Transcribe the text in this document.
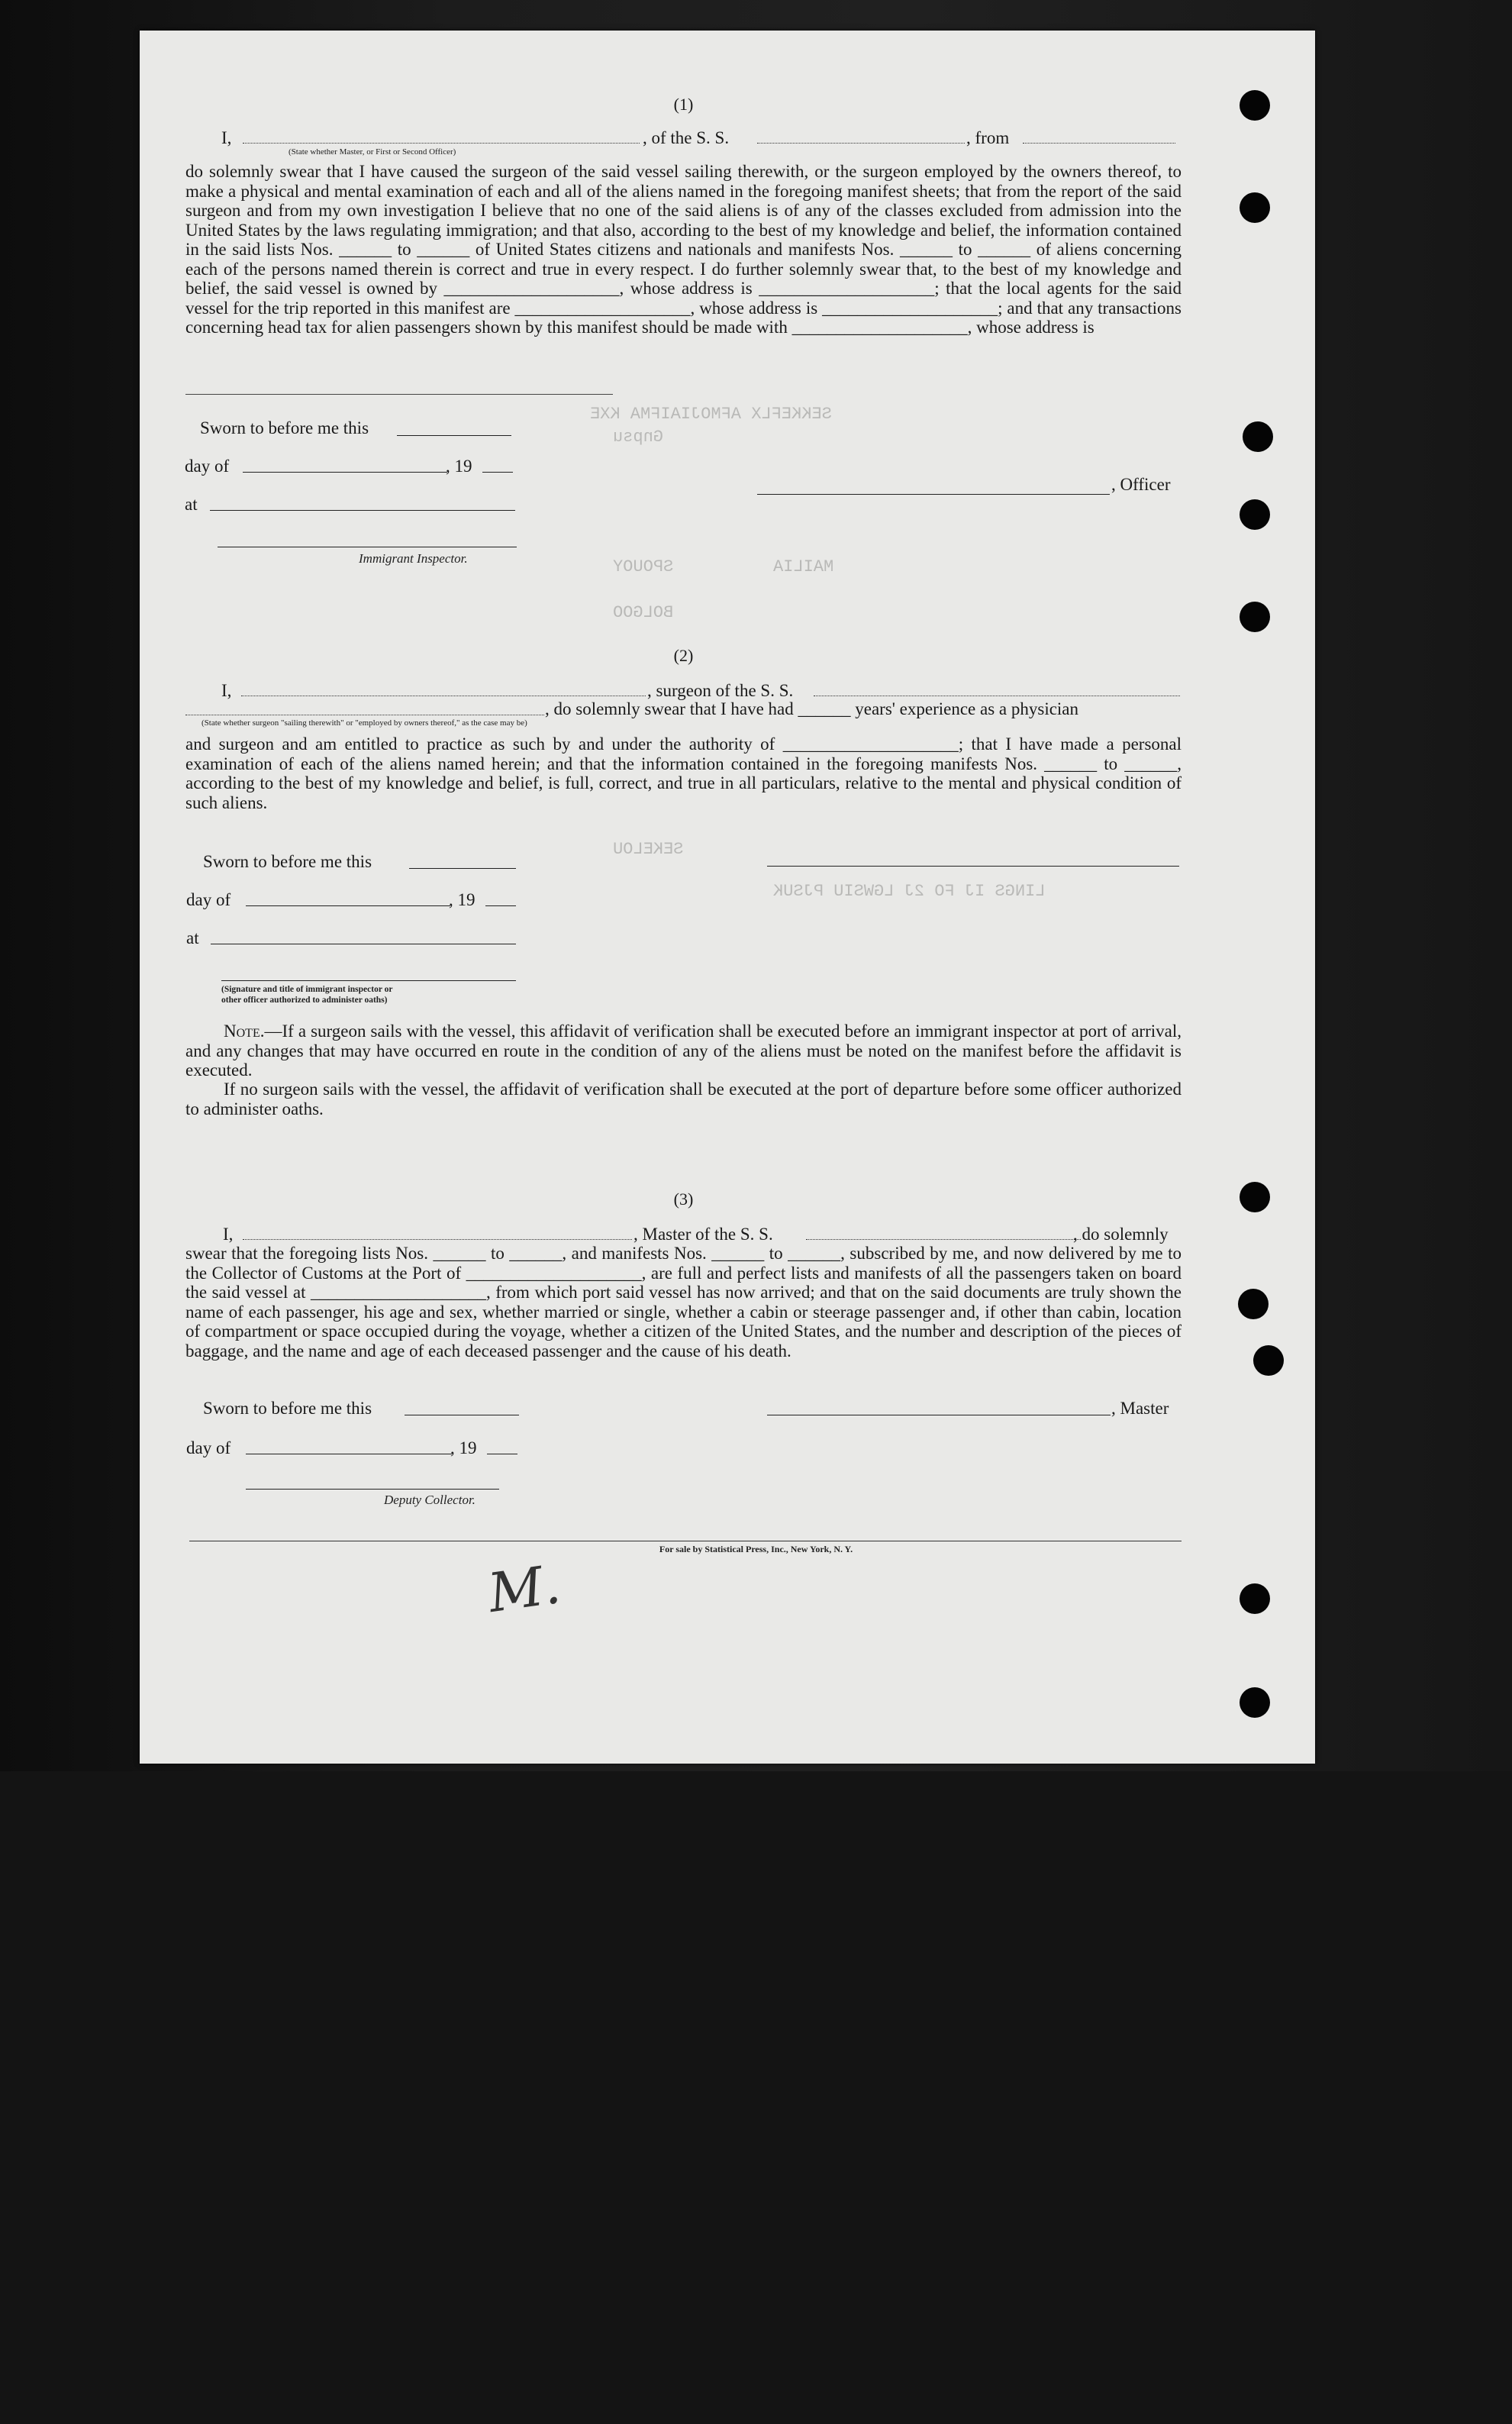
SEKKEFLX AFMOJIAIFMA KXE
Gnpsu
SPOUOY	MAILIA
BOLGOO
SEKELOU
LINGS IJ FO 2J LGWSIU PJSUK
(1)
I,	, of the S. S.	, from
(State whether Master, or First or Second Officer)
do solemnly swear that I have caused the surgeon of the said vessel sailing therewith, or the surgeon employed by the owners thereof, to make a physical and mental examination of each and all of the aliens named in the foregoing manifest sheets; that from the report of the said surgeon and from my own investigation I believe that no one of the said aliens is of any of the classes excluded from admission into the United States by the laws regulating immigration; and that also, according to the best of my knowledge and belief, the information contained in the said lists Nos. ______ to ______ of United States citizens and nationals and manifests Nos. ______ to ______ of aliens concerning each of the persons named therein is correct and true in every respect. I do further solemnly swear that, to the best of my knowledge and belief, the said vessel is owned by ____________________, whose address is ____________________; that the local agents for the said vessel for the trip reported in this manifest are ____________________, whose address is ____________________; and that any transactions concerning head tax for alien passengers shown by this manifest should be made with ____________________, whose address is
Sworn to before me this
day of	, 19
at
, Officer
Immigrant Inspector.
(2)
I,	, surgeon of the S. S.
, do solemnly swear that I have had ______ years' experience as a physician
(State whether surgeon "sailing therewith" or "employed by owners thereof," as the case may be)
and surgeon and am entitled to practice as such by and under the authority of ____________________; that I have made a personal examination of each of the aliens named herein; and that the information contained in the foregoing manifests Nos. ______ to ______, according to the best of my knowledge and belief, is full, correct, and true in all particulars, relative to the mental and physical condition of such aliens.
Sworn to before me this
day of	, 19
at
(Signature and title of immigrant inspector or
other officer authorized to administer oaths)
Note.—If a surgeon sails with the vessel, this affidavit of verification shall be executed before an immigrant inspector at port of arrival, and any changes that may have occurred en route in the condition of any of the aliens must be noted on the manifest before the affidavit is executed.
If no surgeon sails with the vessel, the affidavit of verification shall be executed at the port of departure before some officer authorized to administer oaths.
(3)
I,	, Master of the S. S.	, do solemnly
swear that the foregoing lists Nos. ______ to ______, and manifests Nos. ______ to ______, subscribed by me, and now delivered by me to the Collector of Customs at the Port of ____________________, are full and perfect lists and manifests of all the passengers taken on board the said vessel at ____________________, from which port said vessel has now arrived; and that on the said documents are truly shown the name of each passenger, his age and sex, whether married or single, whether a cabin or steerage passenger and, if other than cabin, location of compartment or space occupied during the voyage, whether a citizen of the United States, and the number and description of the pieces of baggage, and the name and age of each deceased passenger and the cause of his death.
Sworn to before me this	, Master
day of	, 19
Deputy Collector.
For sale by Statistical Press, Inc., New York, N. Y.
M.
